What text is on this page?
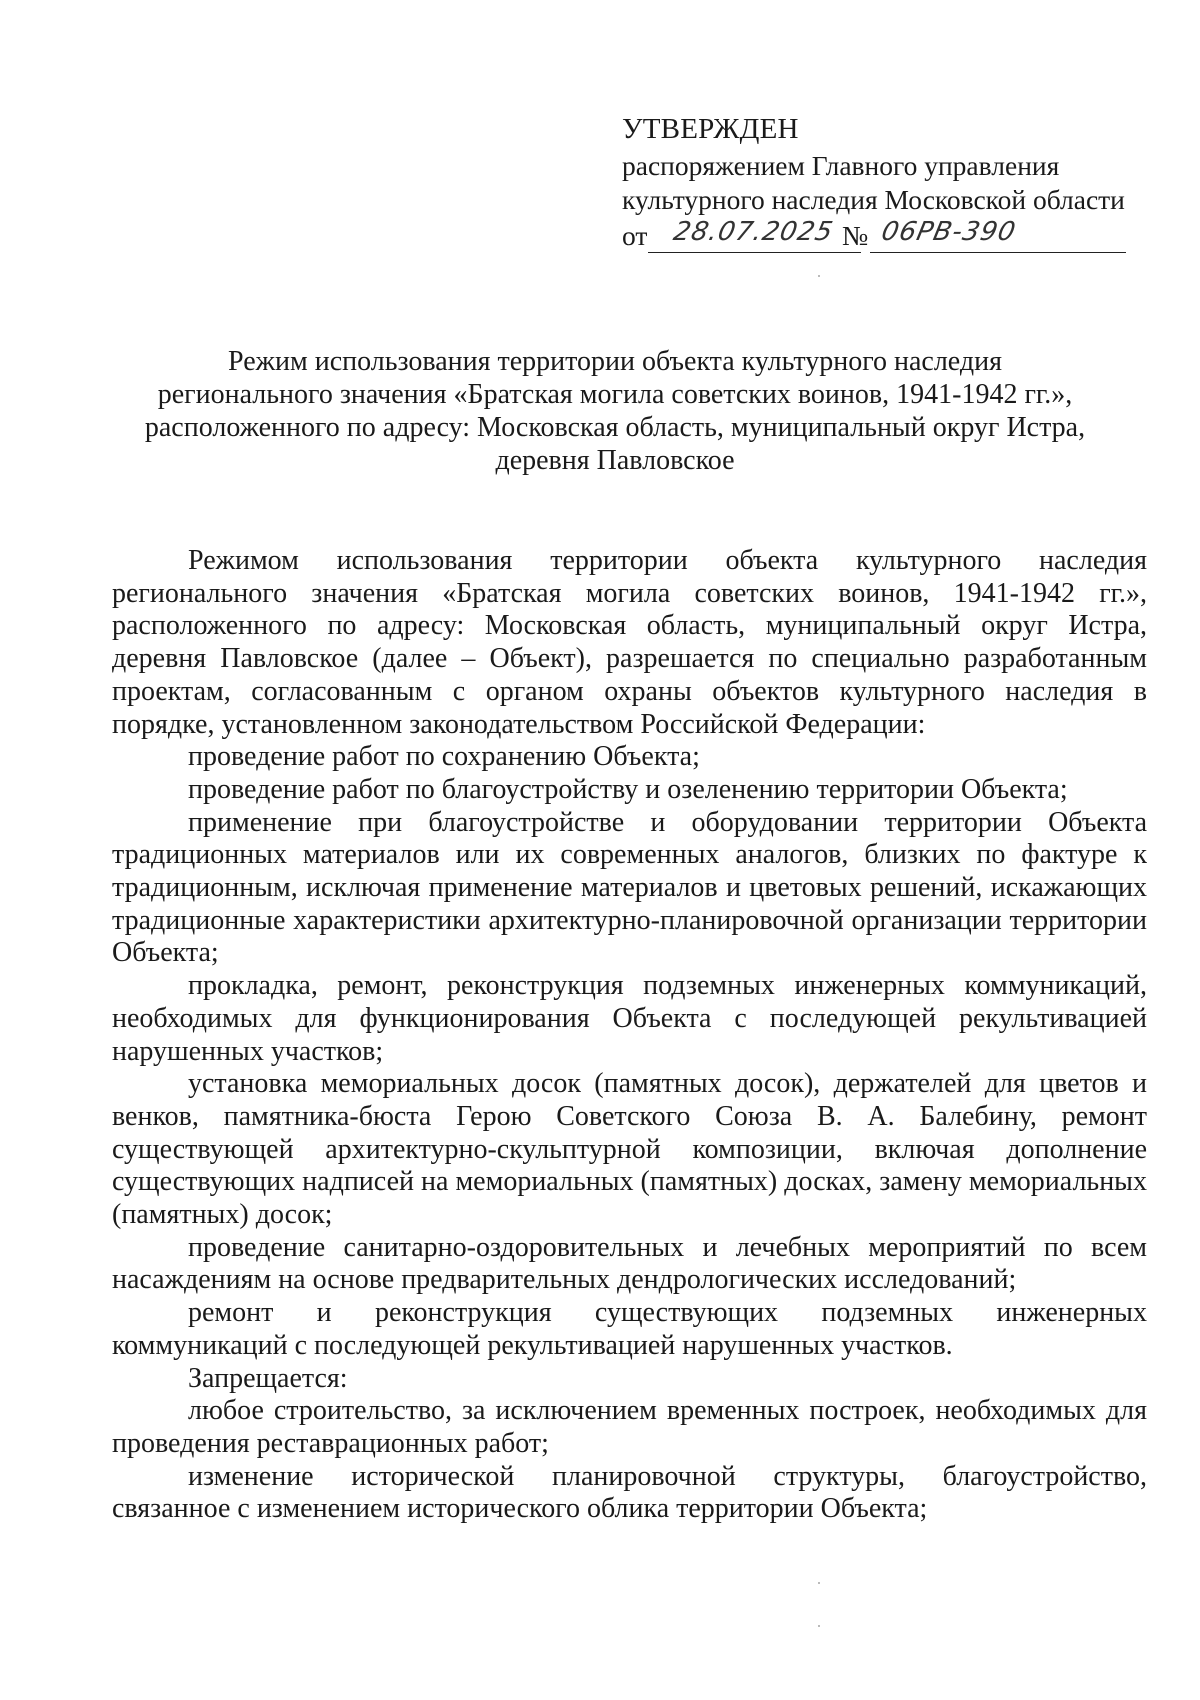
УТВЕРЖДЕН
распоряжением Главного управления
культурного наследия Московской области
от 28.07.2025 № 06РВ-390
Режим использования территории объекта культурного наследия
регионального значения «Братская могила советских воинов, 1941-1942 гг.»,
расположенного по адресу: Московская область, муниципальный округ Истра,
деревня Павловское

Режимом использования территории объекта культурного наследия регионального значения «Братская могила советских воинов, 1941-1942 гг.», расположенного по адресу: Московская область, муниципальный округ Истра, деревня Павловское (далее – Объект), разрешается по специально разработанным проектам, согласованным с органом охраны объектов культурного наследия в порядке, установленном законодательством Российской Федерации:

проведение работ по сохранению Объекта;

проведение работ по благоустройству и озеленению территории Объекта;

применение при благоустройстве и оборудовании территории Объекта традиционных материалов или их современных аналогов, близких по фактуре к традиционным, исключая применение материалов и цветовых решений, искажающих традиционные характеристики архитектурно-планировочной организации территории Объекта;

прокладка, ремонт, реконструкция подземных инженерных коммуникаций, необходимых для функционирования Объекта с последующей рекультивацией нарушенных участков;

установка мемориальных досок (памятных досок), держателей для цветов и венков, памятника-бюста Герою Советского Союза В. А. Балебину, ремонт существующей архитектурно-скульптурной композиции, включая дополнение существующих надписей на мемориальных (памятных) досках, замену мемориальных (памятных) досок;

проведение санитарно-оздоровительных и лечебных мероприятий по всем насаждениям на основе предварительных дендрологических исследований;

ремонт и реконструкция существующих подземных инженерных коммуникаций с последующей рекультивацией нарушенных участков.

Запрещается:

любое строительство, за исключением временных построек, необходимых для проведения реставрационных работ;

изменение исторической планировочной структуры, благоустройство, связанное с изменением исторического облика территории Объекта;
